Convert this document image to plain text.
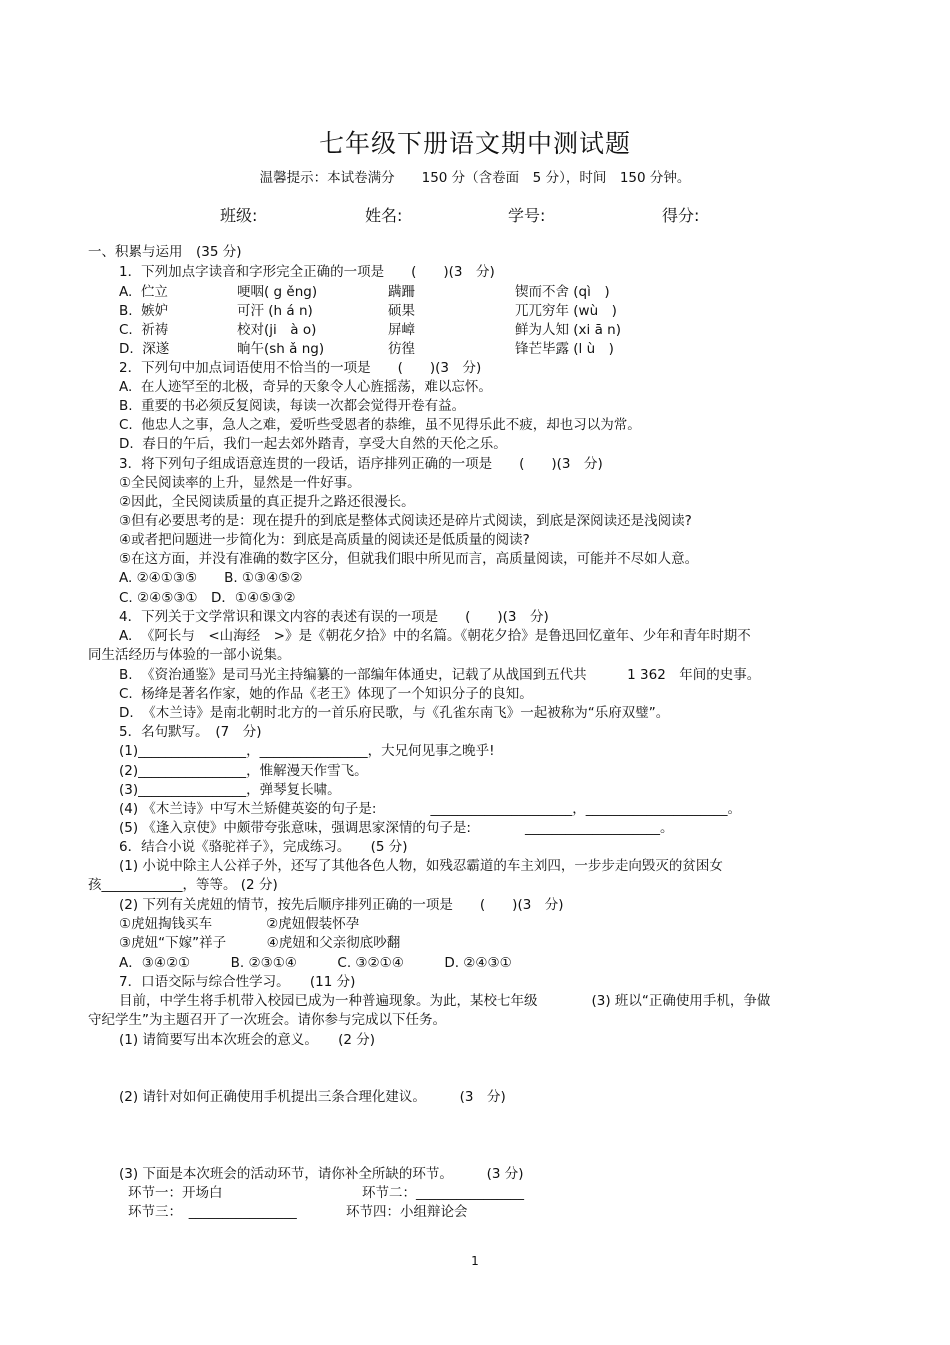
七年级下册语文期中测试题
温馨提示：本试卷满分　　150 分（含卷面　5 分），时间　150 分钟。
班级:	姓名:	学号:	得分:
一、积累与运用　(35 分)
1．下列加点字读音和字形完全正确的一项是　　(　　)(3　分)
A.  伫立	哽咽( g ěng)	蹒跚	锲而不舍 (qì　)
B.  嫉妒	可汗 (h á n)	硕果	兀兀穷年 (wù　)
C.  祈祷	校对(ji　à o)	屏嶂	鲜为人知 (xi ā n)
D.  深遂	晌午(sh ǎ ng)	彷徨	锋芒毕露 (l ù　)
2．下列句中加点词语使用不恰当的一项是　　(　　)(3　分)
A.  在人迹罕至的北极，奇异的天象令人心旌摇荡，难以忘怀。
B.  重要的书必须反复阅读，每读一次都会觉得开卷有益。
C.  他忠人之事，急人之难，爱听些受恩者的恭维，虽不见得乐此不疲，却也习以为常。
D.  春日的午后，我们一起去郊外踏青，享受大自然的天伦之乐。
3．将下列句子组成语意连贯的一段话，语序排列正确的一项是　　(　　)(3　分)
①全民阅读率的上升，显然是一件好事。
②因此，全民阅读质量的真正提升之路还很漫长。
③但有必要思考的是：现在提升的到底是整体式阅读还是碎片式阅读，到底是深阅读还是浅阅读?
④或者把问题进一步简化为：到底是高质量的阅读还是低质量的阅读?
⑤在这方面，并没有准确的数字区分，但就我们眼中所见而言，高质量阅读，可能并不尽如人意。
A. ②④①③⑤　　B. ①③④⑤②
C. ②④⑤③①　D．①④⑤③②
4．下列关于文学常识和课文内容的表述有误的一项是　　(　　)(3　分)
A.  《阿长与　<山海经　>》是《朝花夕拾》中的名篇。《朝花夕拾》是鲁迅回忆童年、少年和青年时期不
同生活经历与体验的一部小说集。
B.  《资治通鉴》是司马光主持编纂的一部编年体通史，记载了从战国到五代共　　　1 362　年间的史事。
C.  杨绛是著名作家，她的作品《老王》体现了一个知识分子的良知。
D.  《木兰诗》是南北朝时北方的一首乐府民歌，与《孔雀东南飞》一起被称为“乐府双璧”。
5．名句默写。　(7　分)
(1)________________，________________，大兄何见事之晚乎!
(2)________________，惟解漫天作雪飞。
(3)________________，弹琴复长啸。
(4) 《木兰诗》中写木兰矫健英姿的句子是:　　　　_____________________，_____________________。
(5) 《逢入京使》中颇带夸张意味，强调思家深情的句子是:　　　　____________________。
6．结合小说《骆驼祥子》，完成练习。　　(5 分)
(1) 小说中除主人公祥子外，还写了其他各色人物，如残忍霸道的车主刘四，一步步走向毁灭的贫困女
孩____________，等等。 (2 分)
(2) 下列有关虎妞的情节，按先后顺序排列正确的一项是　　(　　)(3　分)
①虎妞掏钱买车　　　　②虎妞假装怀孕
③虎妞“下嫁”祥子　　　④虎妞和父亲彻底吵翻
A．③④②①　　　B. ②③①④　　　C. ③②①④　　　D. ②④③①
7．口语交际与综合性学习。　　(11 分)
目前，中学生将手机带入校园已成为一种普遍现象。为此，某校七年级　　　　(3) 班以“正确使用手机，争做
守纪学生”为主题召开了一次班会。请你参与完成以下任务。
(1) 请简要写出本次班会的意义。　　(2 分)
(2) 请针对如何正确使用手机提出三条合理化建议。　　　(3　分)
(3) 下面是本次班会的活动环节，请你补全所缺的环节。　　　(3 分)
环节一：开场白	环节二：________________
环节三：　________________	环节四：小组辩论会
1
